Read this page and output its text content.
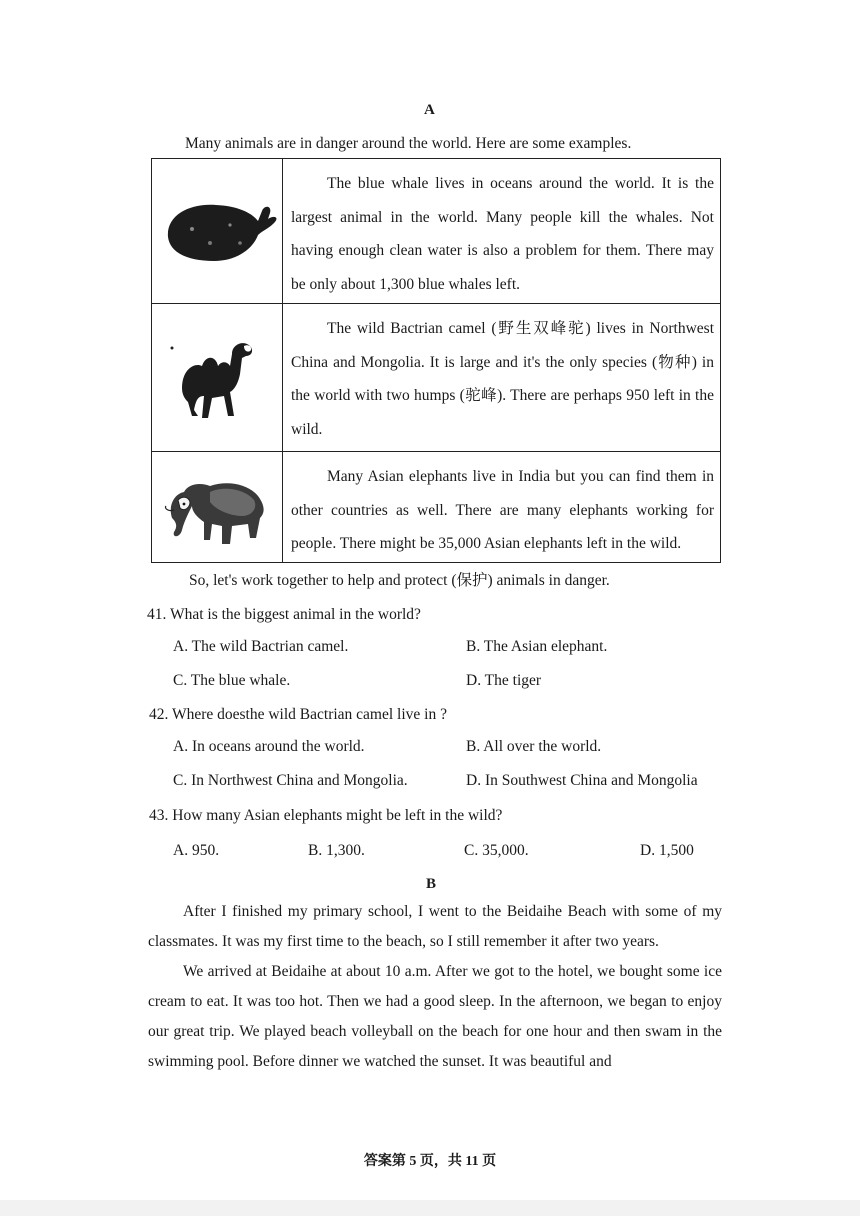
A
Many animals are in danger around the world. Here are some examples.

The blue whale lives in oceans around the world. It is the largest animal in the world. Many people kill the whales. Not having enough clean water is also a problem for them. There may be only about 1,300 blue whales left.

The wild Bactrian camel (野生双峰驼) lives in Northwest China and Mongolia. It is large and it's the only species (物种) in the world with two humps (驼峰). There are perhaps 950 left in the wild.

Many Asian elephants live in India but you can find them in other countries as well. There are many elephants working for people. There might be 35,000 Asian elephants left in the wild.

So, let's work together to help and protect (保护) animals in danger.
41. What is the biggest animal in the world?
A. The wild Bactrian camel.	B. The Asian elephant.
C. The blue whale.	D. The tiger
42. Where doesthe wild Bactrian camel live in ?
A. In oceans around the world.	B. All over the world.
C. In Northwest China and Mongolia.	D. In Southwest China and Mongolia
43. How many Asian elephants might be left in the wild?
A. 950.	B. 1,300.	C. 35,000.	D. 1,500
B

After I finished my primary school, I went to the Beidaihe Beach with some of my classmates. It was my first time to the beach, so I still remember it after two years.

We arrived at Beidaihe at about 10 a.m. After we got to the hotel, we bought some ice cream to eat. It was too hot. Then we had a good sleep. In the afternoon, we began to enjoy our great trip. We played beach volleyball on the beach for one hour and then swam in the swimming pool. Before dinner we watched the sunset. It was beautiful and

答案第 5 页，共 11 页
